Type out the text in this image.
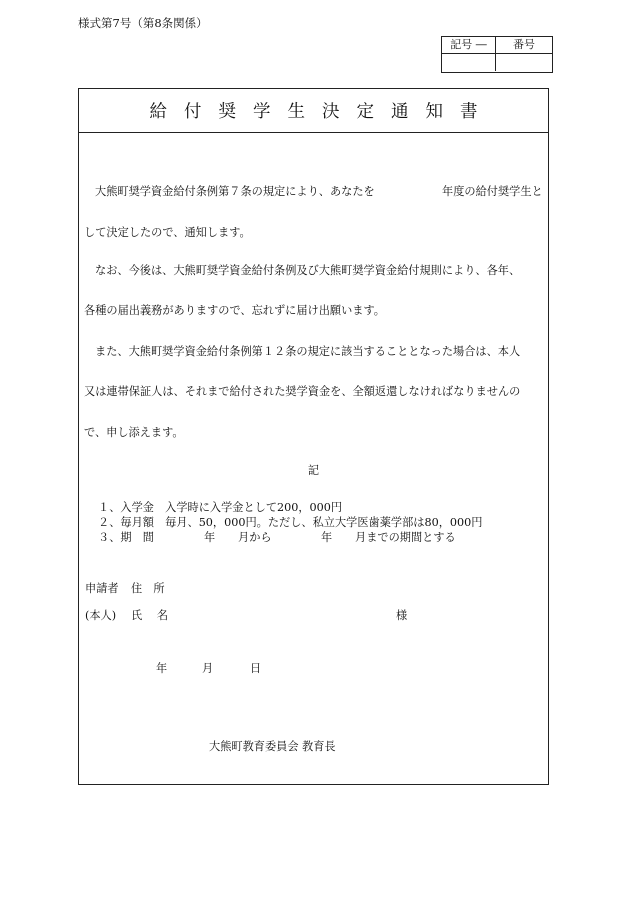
様式第7号（第8条関係）
記号 ―	番号
給付奨学生決定通知書
大熊町奨学資金給付条例第７条の規定により、あなたを	年度の給付奨学生と
して決定したので、通知します。
なお、今後は、大熊町奨学資金給付条例及び大熊町奨学資金給付規則により、各年、
各種の届出義務がありますので、忘れずに届け出願います。
また、大熊町奨学資金給付条例第１２条の規定に該当することとなった場合は、本人
又は連帯保証人は、それまで給付された奨学資金を、全額返還しなければなりませんの
で、申し添えます。
記
１、入学金　入学時に入学金として200，000円
２、毎月額　毎月、50，000円。ただし、私立大学医歯薬学部は80，000円
３、期　間	年 月から	年 月までの期間とする
申請者 住　所
(本人) 氏　 名	様
年	月	日
大熊町教育委員会 教育長
